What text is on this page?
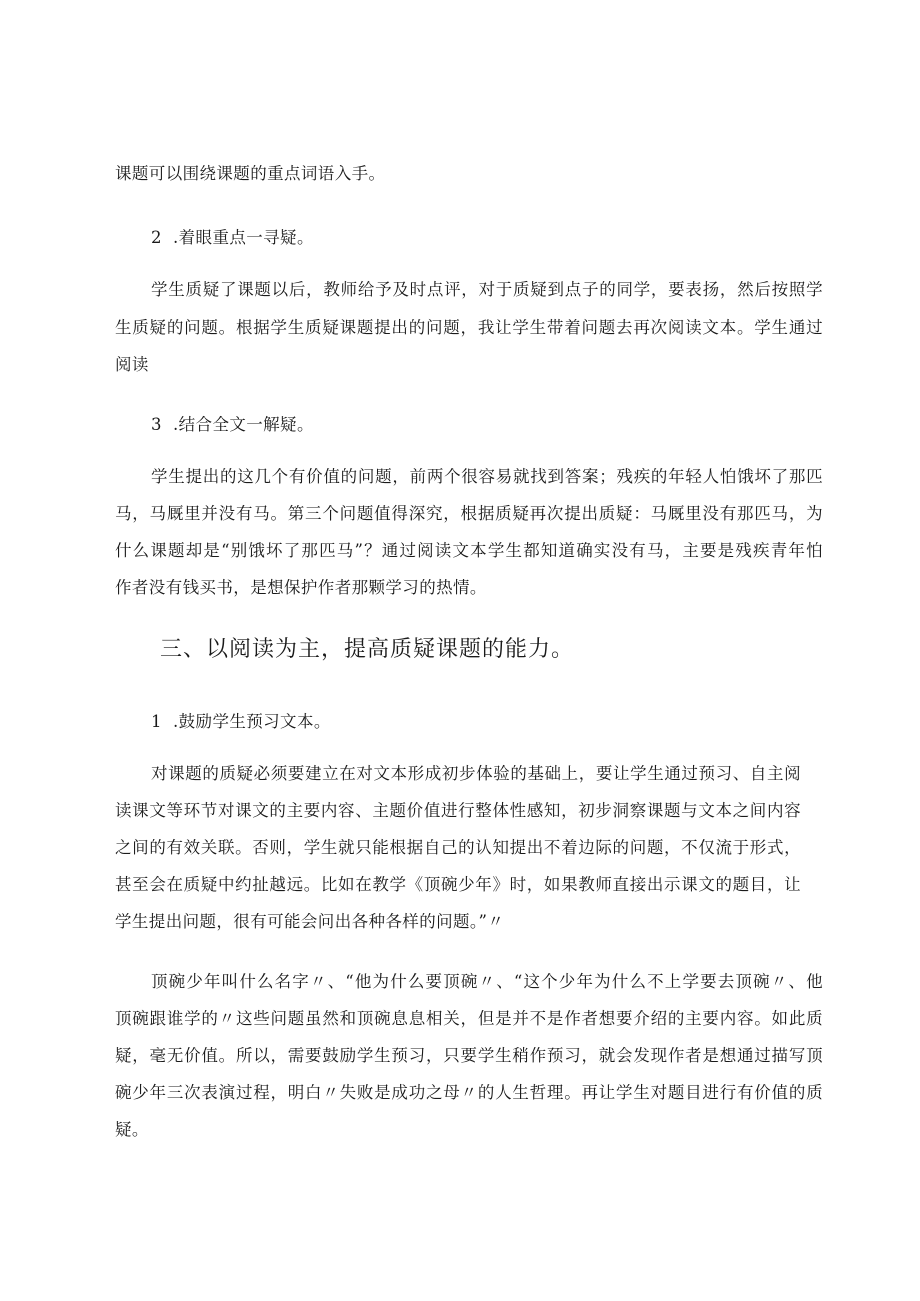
课题可以围绕课题的重点词语入手。
2 .着眼重点一寻疑。
学生质疑了课题以后，教师给予及时点评，对于质疑到点子的同学，要表扬，然后按照学
生质疑的问题。根据学生质疑课题提出的问题，我让学生带着问题去再次阅读文本。学生通过
阅读
3 .结合全文一解疑。
学生提出的这几个有价值的问题，前两个很容易就找到答案；残疾的年轻人怕饿坏了那匹
马，马厩里并没有马。第三个问题值得深究，根据质疑再次提出质疑：马厩里没有那匹马，为
什么课题却是“别饿坏了那匹马”？通过阅读文本学生都知道确实没有马，主要是残疾青年怕
作者没有钱买书，是想保护作者那颗学习的热情。
三、以阅读为主，提高质疑课题的能力。
1 .鼓励学生预习文本。
对课题的质疑必须要建立在对文本形成初步体验的基础上，要让学生通过预习、自主阅
读课文等环节对课文的主要内容、主题价值进行整体性感知，初步洞察课题与文本之间内容
之间的有效关联。否则，学生就只能根据自己的认知提出不着边际的问题，不仅流于形式，
甚至会在质疑中约扯越远。比如在教学《顶碗少年》时，如果教师直接出示课文的题目，让
学生提出问题，很有可能会问出各种各样的问题。”〃
顶碗少年叫什么名字〃、“他为什么要顶碗〃、“这个少年为什么不上学要去顶碗〃、他
顶碗跟谁学的〃这些问题虽然和顶碗息息相关，但是并不是作者想要介绍的主要内容。如此质
疑，毫无价值。所以，需要鼓励学生预习，只要学生稍作预习，就会发现作者是想通过描写顶
碗少年三次表演过程，明白〃失败是成功之母〃的人生哲理。再让学生对题目进行有价值的质
疑。
